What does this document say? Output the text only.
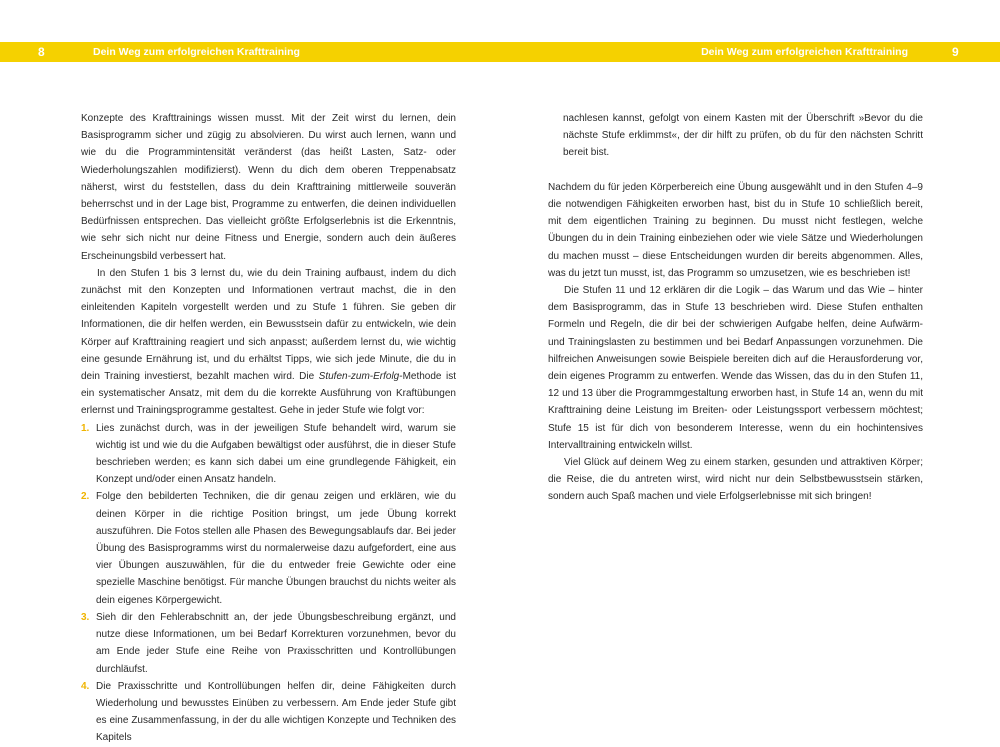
8	Dein Weg zum erfolgreichen Krafttraining	Dein Weg zum erfolgreichen Krafttraining	9

Konzepte des Krafttrainings wissen musst. Mit der Zeit wirst du lernen, dein Basisprogramm sicher und zügig zu absolvieren. Du wirst auch lernen, wann und wie du die Programmintensität veränderst (das heißt Lasten, Satz- oder Wiederholungszahlen modifizierst). Wenn du dich dem oberen Treppenabsatz näherst, wirst du feststellen, dass du dein Krafttraining mittlerweile souverän beherrschst und in der Lage bist, Programme zu entwerfen, die deinen individuellen Bedürfnissen entsprechen. Das vielleicht größte Erfolgserlebnis ist die Erkenntnis, wie sehr sich nicht nur deine Fitness und Energie, sondern auch dein äußeres Erscheinungsbild verbessert hat.

In den Stufen 1 bis 3 lernst du, wie du dein Training aufbaust, indem du dich zunächst mit den Konzepten und Informationen vertraut machst, die in den einleitenden Kapiteln vorgestellt werden und zu Stufe 1 führen. Sie geben dir Informationen, die dir helfen werden, ein Bewusstsein dafür zu entwickeln, wie dein Körper auf Krafttraining reagiert und sich anpasst; außerdem lernst du, wie wichtig eine gesunde Ernährung ist, und du erhältst Tipps, wie sich jede Minute, die du in dein Training investierst, bezahlt machen wird. Die Stufen-zum-Erfolg-Methode ist ein systematischer Ansatz, mit dem du die korrekte Ausführung von Kraftübungen erlernst und Trainingsprogramme gestaltest. Gehe in jeder Stufe wie folgt vor:

1. Lies zunächst durch, was in der jeweiligen Stufe behandelt wird, warum sie wichtig ist und wie du die Aufgaben bewältigst oder ausführst, die in dieser Stufe beschrieben werden; es kann sich dabei um eine grundlegende Fähigkeit, ein Konzept und/oder einen Ansatz handeln.
2. Folge den bebilderten Techniken, die dir genau zeigen und erklären, wie du deinen Körper in die richtige Position bringst, um jede Übung korrekt auszuführen. Die Fotos stellen alle Phasen des Bewegungsablaufs dar. Bei jeder Übung des Basisprogramms wirst du normalerweise dazu aufgefordert, eine aus vier Übungen auszuwählen, für die du entweder freie Gewichte oder eine spezielle Maschine benötigst. Für manche Übungen brauchst du nichts weiter als dein eigenes Körpergewicht.
3. Sieh dir den Fehlerabschnitt an, der jede Übungsbeschreibung ergänzt, und nutze diese Informationen, um bei Bedarf Korrekturen vorzunehmen, bevor du am Ende jeder Stufe eine Reihe von Praxisschritten und Kontrollübungen durchläufst.
4. Die Praxisschritte und Kontrollübungen helfen dir, deine Fähigkeiten durch Wiederholung und bewusstes Einüben zu verbessern. Am Ende jeder Stufe gibt es eine Zusammenfassung, in der du alle wichtigen Konzepte und Techniken des Kapitels

nachlesen kannst, gefolgt von einem Kasten mit der Überschrift »Bevor du die nächste Stufe erklimmst«, der dir hilft zu prüfen, ob du für den nächsten Schritt bereit bist.

Nachdem du für jeden Körperbereich eine Übung ausgewählt und in den Stufen 4–9 die notwendigen Fähigkeiten erworben hast, bist du in Stufe 10 schließlich bereit, mit dem eigentlichen Training zu beginnen. Du musst nicht festlegen, welche Übungen du in dein Training einbeziehen oder wie viele Sätze und Wiederholungen du machen musst – diese Entscheidungen wurden dir bereits abgenommen. Alles, was du jetzt tun musst, ist, das Programm so umzusetzen, wie es beschrieben ist!

Die Stufen 11 und 12 erklären dir die Logik – das Warum und das Wie – hinter dem Basisprogramm, das in Stufe 13 beschrieben wird. Diese Stufen enthalten Formeln und Regeln, die dir bei der schwierigen Aufgabe helfen, deine Aufwärm- und Trainingslasten zu bestimmen und bei Bedarf Anpassungen vorzunehmen. Die hilfreichen Anweisungen sowie Beispiele bereiten dich auf die Herausforderung vor, dein eigenes Programm zu entwerfen. Wende das Wissen, das du in den Stufen 11, 12 und 13 über die Programmgestaltung erworben hast, in Stufe 14 an, wenn du mit Krafttraining deine Leistung im Breiten- oder Leistungssport verbessern möchtest; Stufe 15 ist für dich von besonderem Interesse, wenn du ein hochintensives Intervalltraining entwickeln willst.

Viel Glück auf deinem Weg zu einem starken, gesunden und attraktiven Körper; die Reise, die du antreten wirst, wird nicht nur dein Selbstbewusstsein stärken, sondern auch Spaß machen und viele Erfolgserlebnisse mit sich bringen!
